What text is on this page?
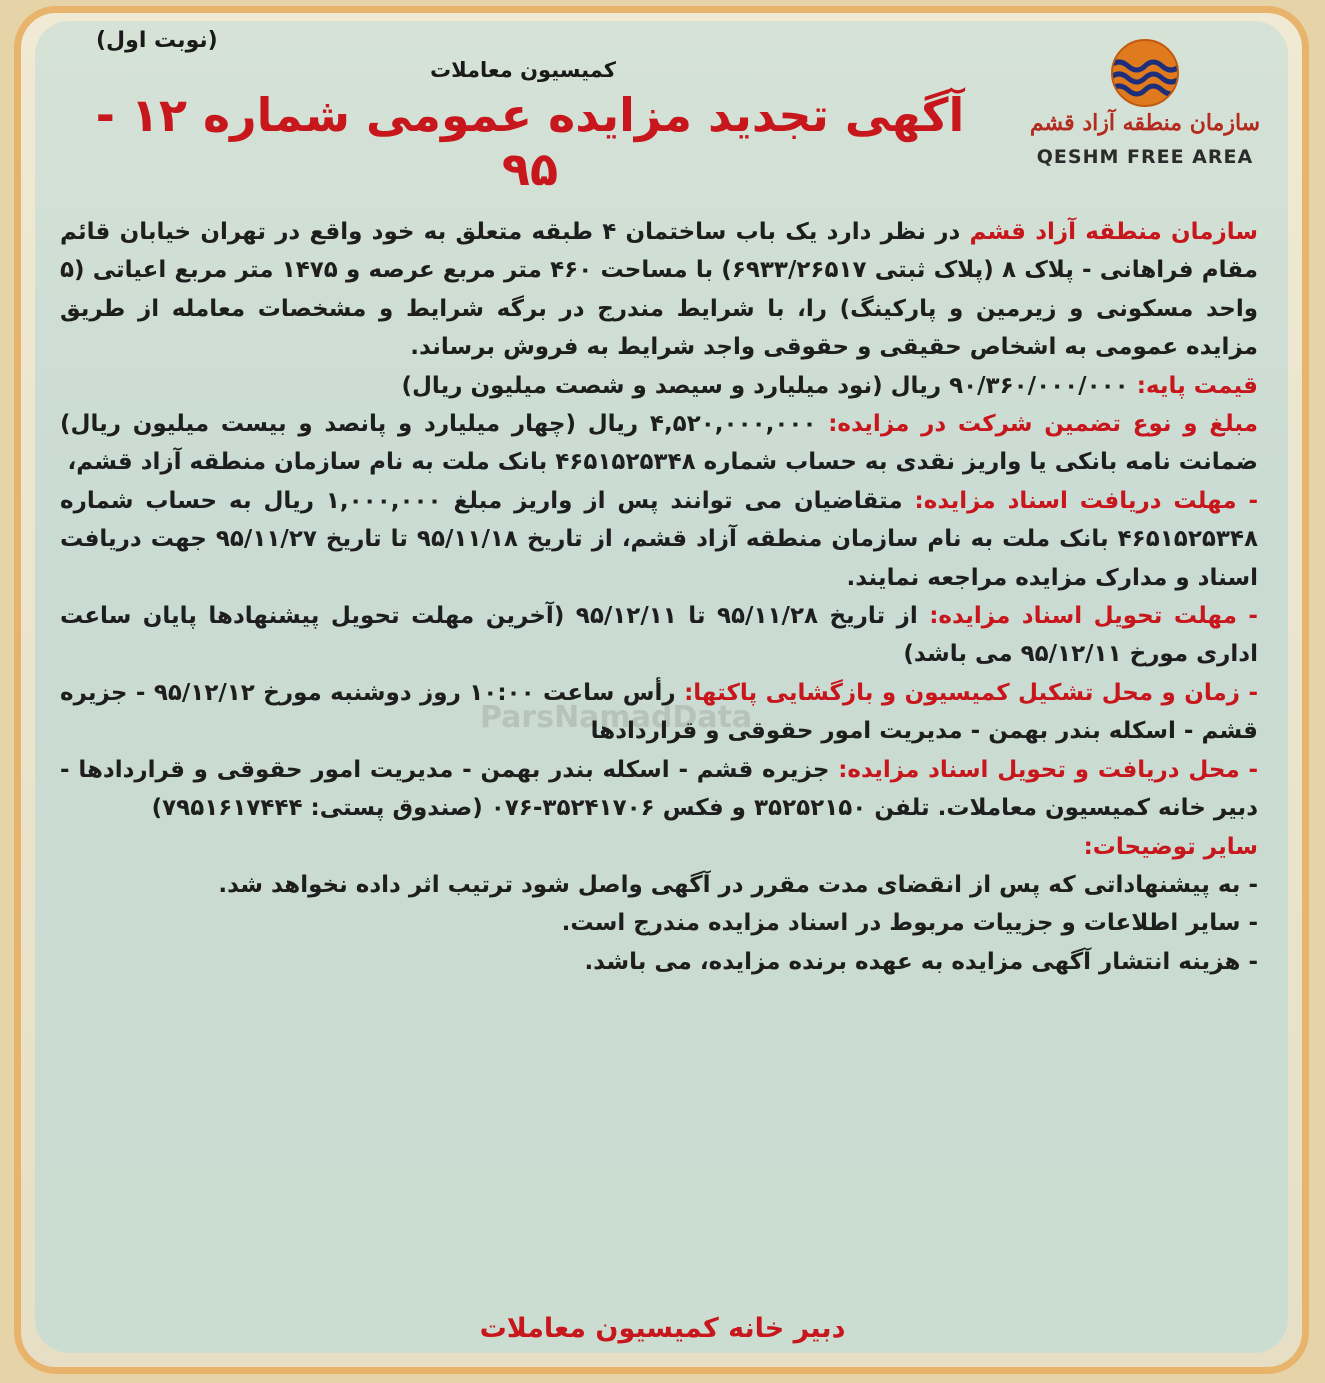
(نوبت اول)
کمیسیون معاملات
آگهی تجدید مزایده عمومی شماره ۱۲ - ۹۵
سازمان منطقه آزاد قشم
QESHM FREE AREA
ParsNamadData

سازمان منطقه آزاد قشم در نظر دارد یک باب ساختمان ۴ طبقه متعلق به خود واقع در تهران خیابان قائم مقام فراهانی - پلاک ۸ (پلاک ثبتی ۶۹۳۳/۲۶۵۱۷) با مساحت ۴۶۰ متر مربع عرصه و ۱۴۷۵ متر مربع اعیاتی (۵ واحد مسکونی و زیرمین و پارکینگ) را، با شرایط مندرج در برگه شرایط و مشخصات معامله از طریق مزایده عمومی به اشخاص حقیقی و حقوقی واجد شرایط به فروش برساند.

قیمت پایه: ۹۰/۳۶۰/۰۰۰/۰۰۰ ریال (نود میلیارد و سیصد و شصت میلیون ریال)

مبلغ و نوع تضمین شرکت در مزایده: ۴,۵۲۰,۰۰۰,۰۰۰ ریال (چهار میلیارد و پانصد و بیست میلیون ریال) ضمانت نامه بانکی یا واریز نقدی به حساب شماره ۴۶۵۱۵۲۵۳۴۸ بانک ملت به نام سازمان منطقه آزاد قشم،

- مهلت دریافت اسناد مزایده: متقاضیان می توانند پس از واریز مبلغ ۱,۰۰۰,۰۰۰ ریال به حساب شماره ۴۶۵۱۵۲۵۳۴۸ بانک ملت به نام سازمان منطقه آزاد قشم، از تاریخ ۹۵/۱۱/۱۸ تا تاریخ ۹۵/۱۱/۲۷ جهت دریافت اسناد و مدارک مزایده مراجعه نمایند.

- مهلت تحویل اسناد مزایده: از تاریخ ۹۵/۱۱/۲۸ تا ۹۵/۱۲/۱۱ (آخرین مهلت تحویل پیشنهادها پایان ساعت اداری مورخ ۹۵/۱۲/۱۱ می باشد)

- زمان و محل تشکیل کمیسیون و بازگشایی پاکتها: رأس ساعت ۱۰:۰۰ روز دوشنبه مورخ ۹۵/۱۲/۱۲ - جزیره قشم - اسکله بندر بهمن - مدیریت امور حقوقی و قراردادها

- محل دریافت و تحویل اسناد مزایده: جزیره قشم - اسکله بندر بهمن - مدیریت امور حقوقی و قراردادها - دبیر خانه کمیسیون معاملات. تلفن ۳۵۲۵۲۱۵۰ و فکس ۳۵۲۴۱۷۰۶-۰۷۶ (صندوق پستی: ۷۹۵۱۶۱۷۴۴۴)

سایر توضیحات:

- به پیشنهاداتی که پس از انقضای مدت مقرر در آگهی واصل شود ترتیب اثر داده نخواهد شد.

- سایر اطلاعات و جزییات مربوط در اسناد مزایده مندرج است.

- هزینه انتشار آگهی مزایده به عهده برنده مزایده، می باشد.

دبیر خانه کمیسیون معاملات
